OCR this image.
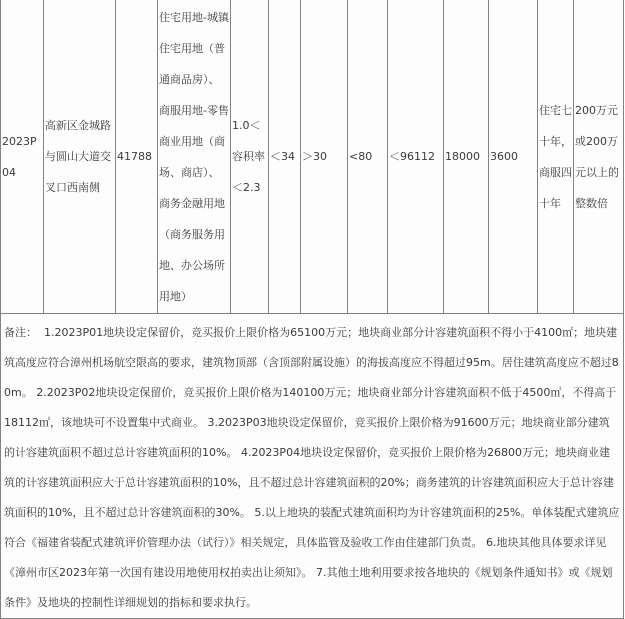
2023P04	高新区金城路与圆山大道交叉口西南侧	41788	住宅用地-城镇住宅用地（普通商品房）、商服用地-零售商业用地（商场、商店）、商务金融用地（商务服务用地、办公场所用地）	1.0＜容积率＜2.3	＜34	＞30	<80	＜96112	18000	3600	住宅七十年，商服四十年	200万元或200万元以上的整数倍
备注： 1.2023P01地块设定保留价，竞买报价上限价格为65100万元；地块商业部分计容建筑面积不得小于4100㎡；地块建筑高度应符合漳州机场航空限高的要求，建筑物顶部（含顶部附属设施）的海拔高度应不得超过95m。居住建筑高度应不超过80m。 2.2023P02地块设定保留价，竞买报价上限价格为140100万元；地块商业部分计容建筑面积不低于4500㎡，不得高于18112㎡，该地块可不设置集中式商业。 3.2023P03地块设定保留价，竞买报价上限价格为91600万元；地块商业部分建筑的计容建筑面积不超过总计容建筑面积的10%。 4.2023P04地块设定保留价，竞买报价上限价格为26800万元；地块商业建筑的计容建筑面积应大于总计容建筑面积的10%，且不超过总计容建筑面积的20%；商务建筑的计容建筑面积应大于总计容建筑面积的10%，且不超过总计容建筑面积的30%。 5.以上地块的装配式建筑面积均为计容建筑面积的25%。单体装配式建筑应符合《福建省装配式建筑评价管理办法（试行）》相关规定，具体监管及验收工作由住建部门负责。 6.地块其他具体要求详见《漳州市区2023年第一次国有建设用地使用权拍卖出让须知》。 7.其他土地利用要求按各地块的《规划条件通知书》或《规划条件》及地块的控制性详细规划的指标和要求执行。
